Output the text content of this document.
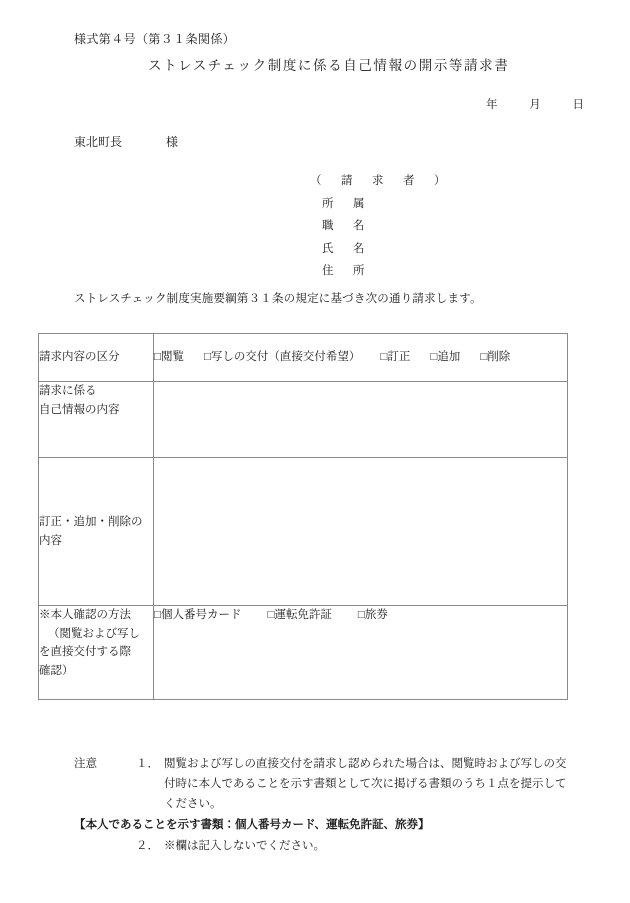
様式第４号（第３１条関係）
ストレスチェック制度に係る自己情報の開示等請求書
年	月	日
東北町長	様
（　請　求　者　）
所　属
職　名
氏　名
住　所
ストレスチェック制度実施要綱第３１条の規定に基づき次の通り請求します。
請求内容の区分	□閲覧 □写しの交付（直接交付希望） □訂正 □追加 □削除

請求に係る
自己情報の内容	

訂正・追加・削除の
内容	

※本人確認の方法
（閲覧および写し
を直接交付する際
確認）	□個人番号カード □運転免許証 □旅券
注意	１． 閲覧および写しの直接交付を請求し認められた場合は、閲覧時および写しの交付時に本人であることを示す書類として次に掲げる書類のうち１点を提示してください。
【本人であることを示す書類：個人番号カード、運転免許証、旅券】
２． ※欄は記入しないでください。
